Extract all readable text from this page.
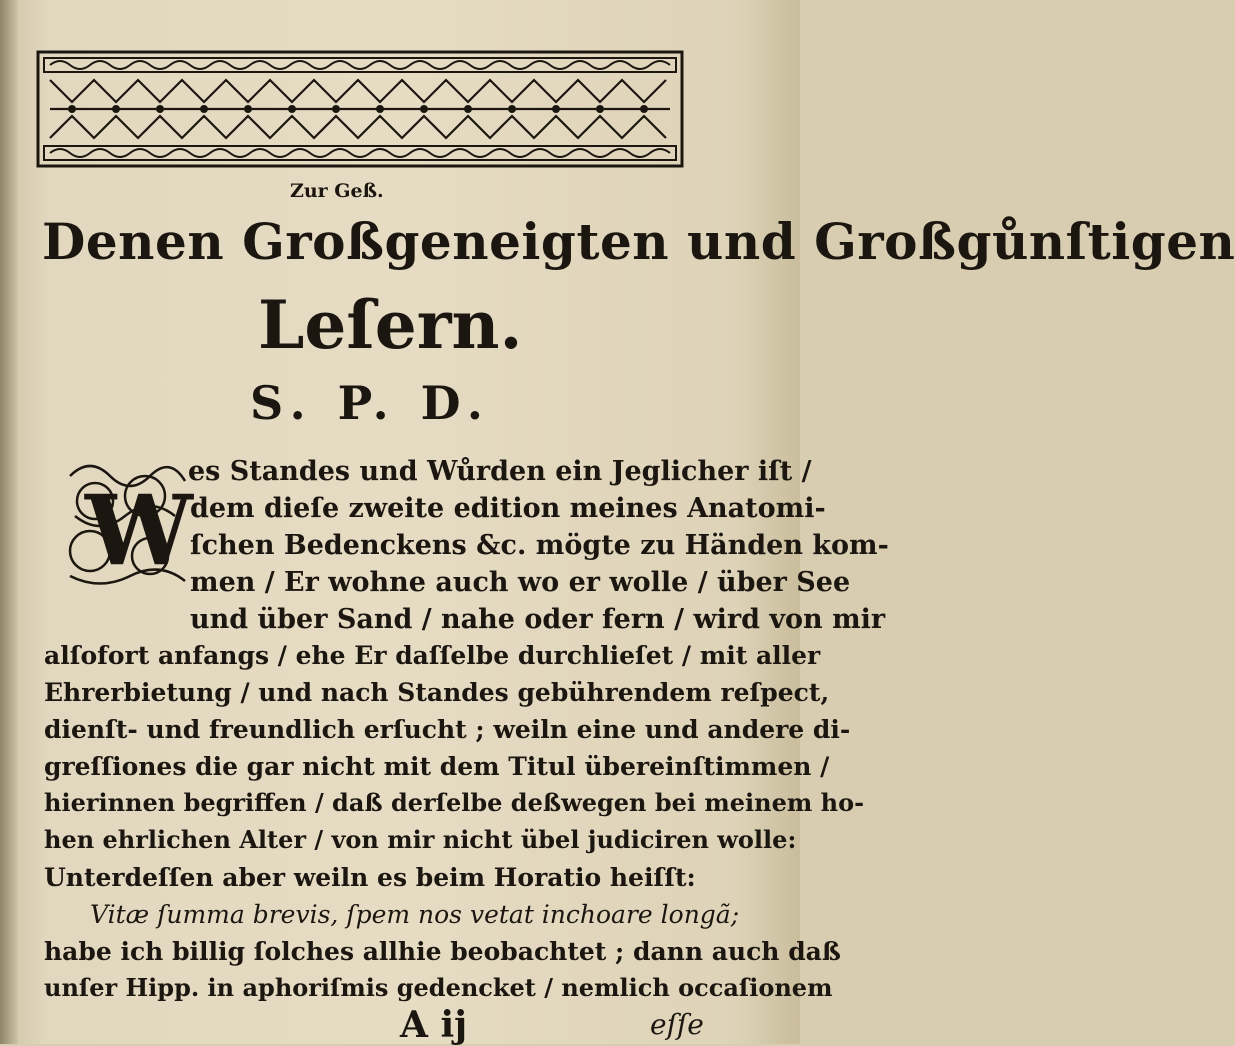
Zur Geß.
Denen Großgeneigten und Großgůnſtigen
Leſern.
S. P. D.
W
es Standes und Wůrden ein Jeglicher iſt /
dem dieſe zweite edition meines Anatomi-
ſchen Bedenckens &c. mögte zu Händen kom-
men / Er wohne auch wo er wolle / über See
und über Sand / nahe oder fern / wird von mir
alſofort anfangs / ehe Er daſſelbe durchlieſet / mit aller
Ehrerbietung / und nach Standes gebührendem reſpect,
dienſt- und freundlich erſucht ; weiln eine und andere di-
greſſiones die gar nicht mit dem Titul übereinſtimmen /
hierinnen begriffen / daß derſelbe deßwegen bei meinem ho-
hen ehrlichen Alter / von mir nicht übel judiciren wolle:
Unterdeſſen aber weiln es beim Horatio heiſſt:
Vitæ ſumma brevis, ſpem nos vetat inchoare longã;
habe ich billig ſolches allhie beobachtet ; dann auch daß
unſer Hipp. in aphoriſmis gedencket / nemlich occaſionem
A ij	eſſe
